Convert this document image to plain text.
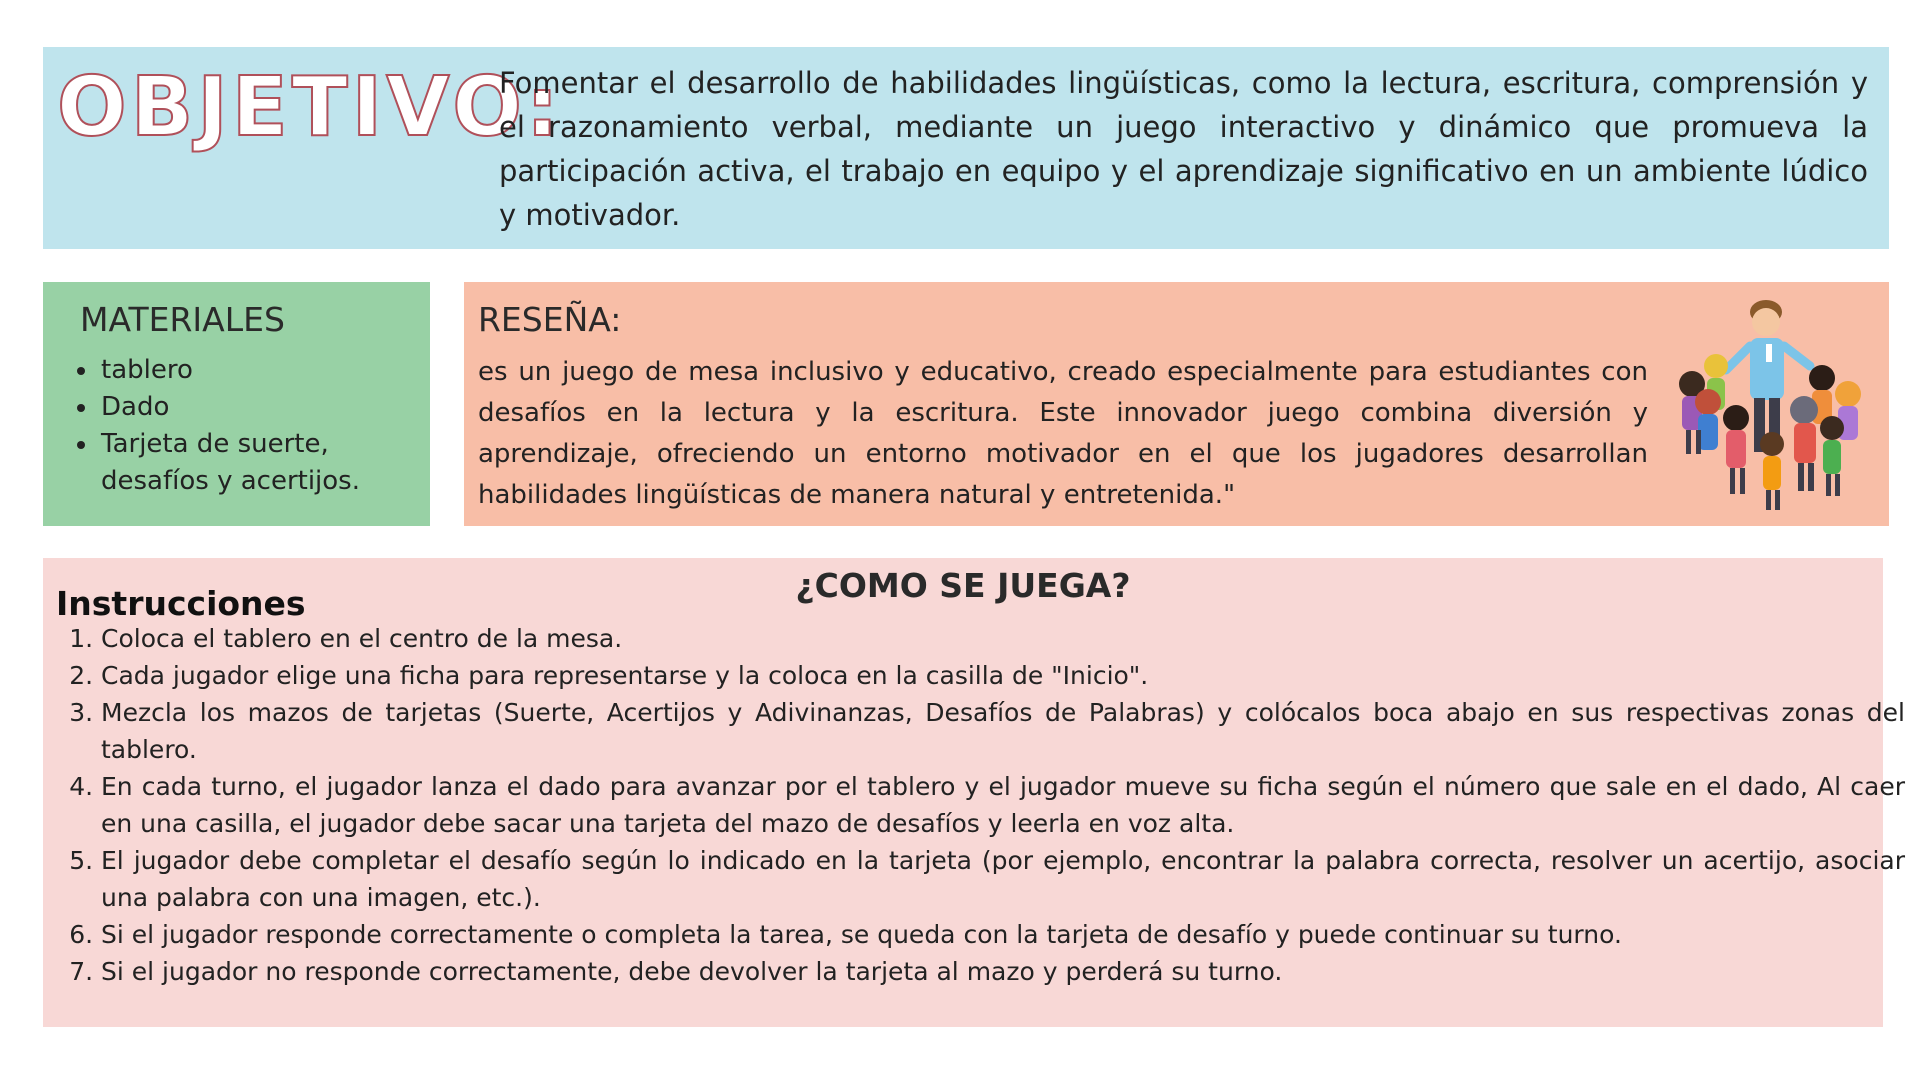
OBJETIVO:
Fomentar el desarrollo de habilidades lingüísticas, como la lectura, escritura, comprensión y el razonamiento verbal, mediante un juego interactivo y dinámico que promueva la participación activa, el trabajo en equipo y el aprendizaje significativo en un ambiente lúdico y motivador.
MATERIALES
• tablero
• Dado
• Tarjeta de suerte, desafíos y acertijos.
RESEÑA:
es un juego de mesa inclusivo y educativo, creado especialmente para estudiantes con desafíos en la lectura y la escritura. Este innovador juego combina diversión y aprendizaje, ofreciendo un entorno motivador en el que los jugadores desarrollan habilidades lingüísticas de manera natural y entretenida."
¿COMO SE JUEGA?
Instrucciones
1. Coloca el tablero en el centro de la mesa.
2. Cada jugador elige una ficha para representarse y la coloca en la casilla de "Inicio".
3. Mezcla los mazos de tarjetas (Suerte, Acertijos y Adivinanzas, Desafíos de Palabras) y colócalos boca abajo en sus respectivas zonas del tablero.
4. En cada turno, el jugador lanza el dado para avanzar por el tablero y el jugador mueve su ficha según el número que sale en el dado, Al caer en una casilla, el jugador debe sacar una tarjeta del mazo de desafíos y leerla en voz alta.
5. El jugador debe completar el desafío según lo indicado en la tarjeta (por ejemplo, encontrar la palabra correcta, resolver un acertijo, asociar una palabra con una imagen, etc.).
6. Si el jugador responde correctamente o completa la tarea, se queda con la tarjeta de desafío y puede continuar su turno.
7. Si el jugador no responde correctamente, debe devolver la tarjeta al mazo y perderá su turno.
